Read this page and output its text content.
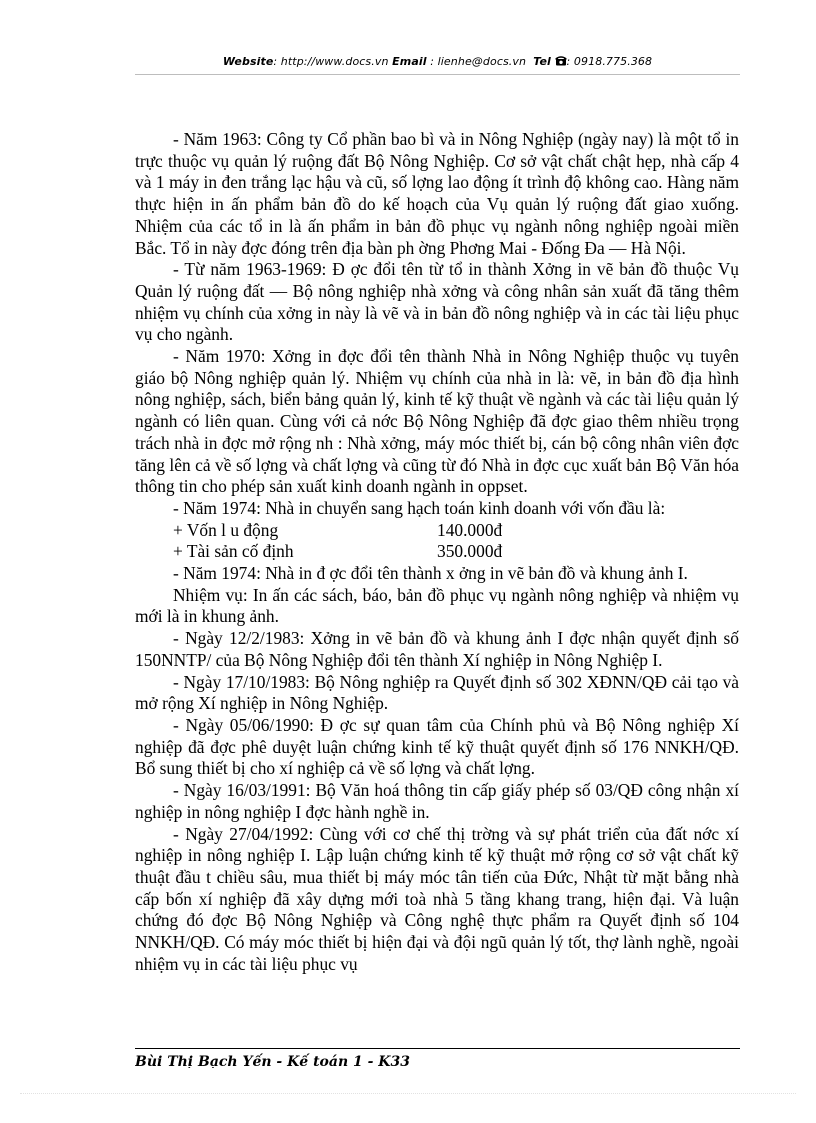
Website: http://www.docs.vn Email : lienhe@docs.vn Tel : 0918.775.368

- Năm 1963: Công ty Cổ phần bao bì và in Nông Nghiệp (ngày nay) là một tổ in trực thuộc vụ quản lý ruộng đất Bộ Nông Nghiệp. Cơ sở vật chất chật hẹp, nhà cấp 4 và 1 máy in đen trắng lạc hậu và cũ, số lợng lao động ít trình độ không cao. Hàng năm thực hiện in ấn phẩm bản đồ do kế hoạch của Vụ quản lý ruộng đất giao xuống. Nhiệm của các tổ in là ấn phẩm in bản đồ phục vụ ngành nông nghiệp ngoài miền Bắc. Tổ in này đợc đóng trên địa bàn ph ờng Phơng Mai - Đống Đa — Hà Nội.

- Từ năm 1963-1969: Đ ợc đổi tên từ tổ in thành Xởng in vẽ bản đồ thuộc Vụ Quản lý ruộng đất — Bộ nông nghiệp nhà xởng và công nhân sản xuất đã tăng thêm nhiệm vụ chính của xởng in này là vẽ và in bản đồ nông nghiệp và in các tài liệu phục vụ cho ngành.

- Năm 1970: Xởng in đợc đổi tên thành Nhà in Nông Nghiệp thuộc vụ tuyên giáo bộ Nông nghiệp quản lý. Nhiệm vụ chính của nhà in là: vẽ, in bản đồ địa hình nông nghiệp, sách, biển bảng quản lý, kinh tế kỹ thuật về ngành và các tài liệu quản lý ngành có liên quan. Cùng với cả nớc Bộ Nông Nghiệp đã đợc giao thêm nhiều trọng trách nhà in đợc mở rộng nh : Nhà xởng, máy móc thiết bị, cán bộ công nhân viên đợc tăng lên cả về số lợng và chất lợng và cũng từ đó Nhà in đợc cục xuất bản Bộ Văn hóa thông tin cho phép sản xuất kinh doanh ngành in oppset.

- Năm 1974: Nhà in chuyển sang hạch toán kinh doanh với vốn đầu là:

+ Vốn l u động	140.000đ
+ Tài sản cố định	350.000đ

- Năm 1974: Nhà in đ ợc đổi tên thành x ởng in vẽ bản đồ và khung ảnh I.

Nhiệm vụ: In ấn các sách, báo, bản đồ phục vụ ngành nông nghiệp và nhiệm vụ mới là in khung ảnh.

- Ngày 12/2/1983: Xởng in vẽ bản đồ và khung ảnh I đợc nhận quyết định số 150NNTP/ của Bộ Nông Nghiệp đổi tên thành Xí nghiệp in Nông Nghiệp I.

- Ngày 17/10/1983: Bộ Nông nghiệp ra Quyết định số 302 XĐNN/QĐ cải tạo và mở rộng Xí nghiệp in Nông Nghiệp.

- Ngày 05/06/1990: Đ ợc sự quan tâm của Chính phủ và Bộ Nông nghiệp Xí nghiệp đã đợc phê duyệt luận chứng kinh tế kỹ thuật quyết định số 176 NNKH/QĐ. Bổ sung thiết bị cho xí nghiệp cả về số lợng và chất lợng.

- Ngày 16/03/1991: Bộ Văn hoá thông tin cấp giấy phép số 03/QĐ công nhận xí nghiệp in nông nghiệp I đợc hành nghề in.

- Ngày 27/04/1992: Cùng với cơ chế thị trờng và sự phát triển của đất nớc xí nghiệp in nông nghiệp I. Lập luận chứng kinh tế kỹ thuật mở rộng cơ sở vật chất kỹ thuật đầu t chiều sâu, mua thiết bị máy móc tân tiến của Đức, Nhật từ mặt bằng nhà cấp bốn xí nghiệp đã xây dựng mới toà nhà 5 tầng khang trang, hiện đại. Và luận chứng đó đợc Bộ Nông Nghiệp và Công nghệ thực phẩm ra Quyết định số 104 NNKH/QĐ. Có máy móc thiết bị hiện đại và đội ngũ quản lý tốt, thợ lành nghề, ngoài nhiệm vụ in các tài liệu phục vụ

Bùi Thị Bạch Yến - Kế toán 1 - K33
